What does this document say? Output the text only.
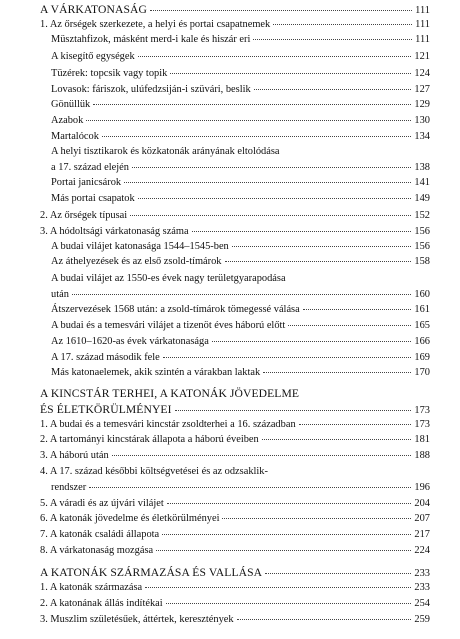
A VÁRKATONASÁG	111
1. Az őrségek szerkezete, a helyi és portai csapatnemek	111
Müsztahfizok, másként merd-i kale és hiszár eri	111
A kisegítő egységek	121
Tüzérek: topcsik vagy topik	124
Lovasok: fáriszok, ulúfedzsiján-i szüvári, beslik	127
Gönüllük	129
Azabok	130
Martalócok	134
A helyi tisztikarok és közkatonák arányának eltolódása
a 17. század elején	138
Portai janicsárok	141
Más portai csapatok	149
2. Az őrségek típusai	152
3. A hódoltsági várkatonaság száma	156
A budai vilájet katonasága 1544–1545-ben	156
Az áthelyezések és az első zsold-tímárok	158
A budai vilájet az 1550-es évek nagy területgyarapodása
után	160
Átszervezések 1568 után: a zsold-tímárok tömegessé válása	161
A budai és a temesvári vilájet a tizenöt éves háború előtt	165
Az 1610–1620-as évek várkatonasága	166
A 17. század második fele	169
Más katonaelemek, akik szintén a várakban laktak	170
A KINCSTÁR TERHEI, A KATONÁK JÖVEDELME
ÉS ÉLETKÖRÜLMÉNYEI	173
1. A budai és a temesvári kincstár zsoldterhei a 16. században	173
2. A tartományi kincstárak állapota a háború éveiben	181
3. A háború után	188
4. A 17. század későbbi költségvetései és az odzsaklik-
rendszer	196
5. A váradi és az újvári vilájet	204
6. A katonák jövedelme és életkörülményei	207
7. A katonák családi állapota	217
8. A várkatonaság mozgása	224
A KATONÁK SZÁRMAZÁSA ÉS VALLÁSA	233
1. A katonák származása	233
2. A katonának állás indítékai	254
3. Muszlim születésűek, áttértek, keresztények	259
